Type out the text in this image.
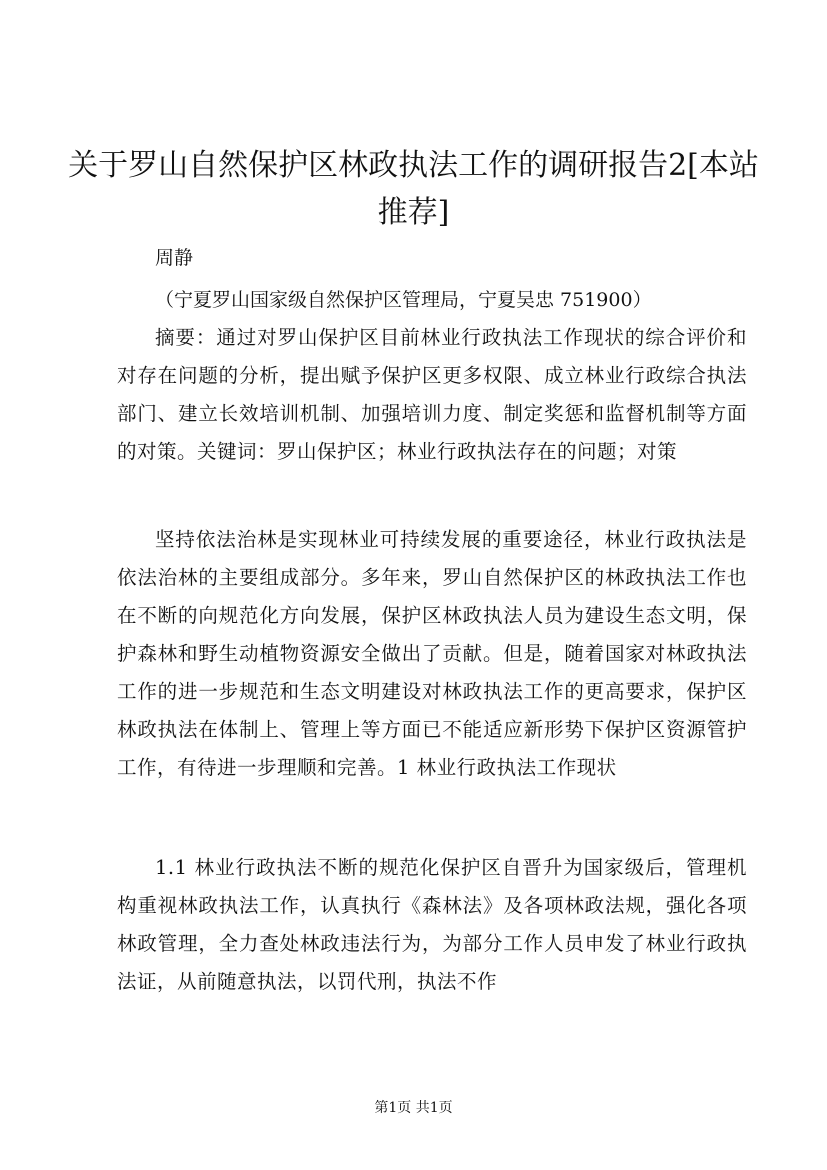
关于罗山自然保护区林政执法工作的调研报告2[本站推荐]
周静
（宁夏罗山国家级自然保护区管理局，宁夏吴忠 751900）

摘要：通过对罗山保护区目前林业行政执法工作现状的综合评价和对存在问题的分析，提出赋予保护区更多权限、成立林业行政综合执法部门、建立长效培训机制、加强培训力度、制定奖惩和监督机制等方面的对策。关键词：罗山保护区；林业行政执法存在的问题；对策

坚持依法治林是实现林业可持续发展的重要途径，林业行政执法是依法治林的主要组成部分。多年来，罗山自然保护区的林政执法工作也在不断的向规范化方向发展，保护区林政执法人员为建设生态文明，保护森林和野生动植物资源安全做出了贡献。但是，随着国家对林政执法工作的进一步规范和生态文明建设对林政执法工作的更高要求，保护区林政执法在体制上、管理上等方面已不能适应新形势下保护区资源管护工作，有待进一步理顺和完善。1 林业行政执法工作现状

1.1 林业行政执法不断的规范化保护区自晋升为国家级后，管理机构重视林政执法工作，认真执行《森林法》及各项林政法规，强化各项林政管理，全力查处林政违法行为，为部分工作人员申发了林业行政执法证，从前随意执法，以罚代刑，执法不作

第1页 共1页
